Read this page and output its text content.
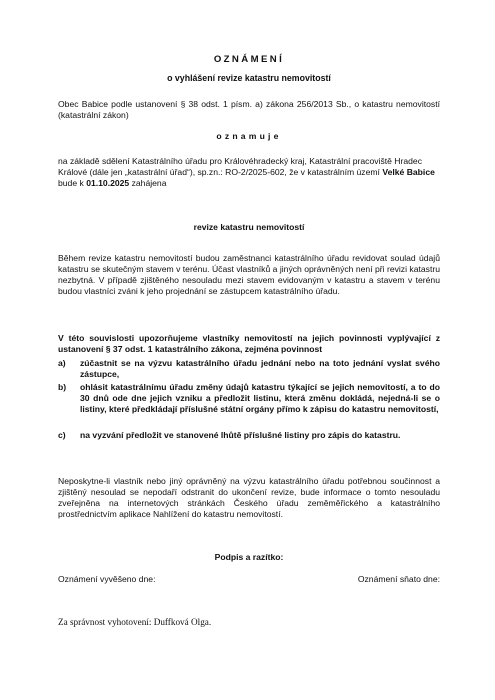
OZNÁMENÍ
o vyhlášení revize katastru nemovitostí
Obec Babice podle ustanovení § 38 odst. 1 písm. a) zákona 256/2013 Sb., o katastru nemovitostí (katastrální zákon)
oznamuje
na základě sdělení Katastrálního úřadu pro Královéhradecký kraj, Katastrální pracoviště Hradec Králové (dále jen „katastrální úřad“), sp.zn.: RO-2/2025-602, že v katastrálním území Velké Babice bude k 01.10.2025 zahájena
revize katastru nemovitostí
Během revize katastru nemovitostí budou zaměstnanci katastrálního úřadu revidovat soulad údajů katastru se skutečným stavem v terénu. Účast vlastníků a jiných oprávněných není při revizi katastru nezbytná. V případě zjištěného nesouladu mezi stavem evidovaným v katastru a stavem v terénu budou vlastníci zváni k jeho projednání se zástupcem katastrálního úřadu.
V této souvislosti upozorňujeme vlastníky nemovitostí na jejich povinnosti vyplývající z ustanovení § 37 odst. 1 katastrálního zákona, zejména povinnost
a)	zúčastnit se na výzvu katastrálního úřadu jednání nebo na toto jednání vyslat svého zástupce,
b)	ohlásit katastrálnímu úřadu změny údajů katastru týkající se jejich nemovitostí, a to do 30 dnů ode dne jejich vzniku a předložit listinu, která změnu dokládá, nejedná-li se o listiny, které předkládají příslušné státní orgány přímo k zápisu do katastru nemovitostí,
c)	na vyzvání předložit ve stanovené lhůtě příslušné listiny pro zápis do katastru.
Neposkytne-li vlastník nebo jiný oprávněný na výzvu katastrálního úřadu potřebnou součinnost a zjištěný nesoulad se nepodaří odstranit do ukončení revize, bude informace o tomto nesouladu zveřejněna na internetových stránkách Českého úřadu zeměměřického a katastrálního prostřednictvím aplikace Nahlížení do katastru nemovitostí.
Podpis a razítko:
Oznámení vyvěšeno dne:	Oznámení sňato dne:
Za správnost vyhotovení: Duffková Olga.
